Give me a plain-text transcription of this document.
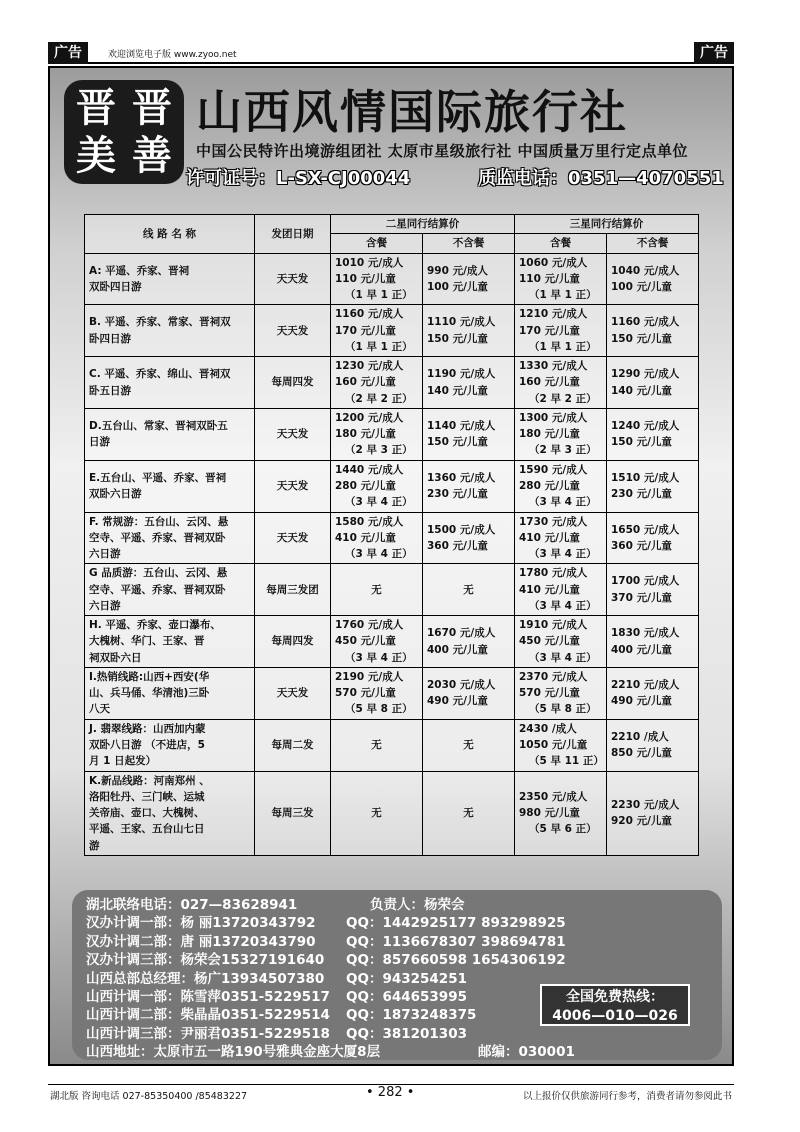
广告	欢迎浏览电子版 www.zyoo.net	广告
晋 晋
美 善
山西风情国际旅行社
中国公民特许出境游组团社 太原市星级旅行社 中国质量万里行定点单位
许可证号：L-SX-CJ00044	质监电话：0351—4070551
线 路 名 称	发团日期	二星同行结算价		三星同行结算价	
		含餐	不含餐	含餐	不含餐
A: 平遥、乔家、晋祠
双卧四日游	天天发	1010 元/成人
110 元/儿童
（1 早 1 正）	990 元/成人
100 元/儿童	1060 元/成人
110 元/儿童
（1 早 1 正）	1040 元/成人
100 元/儿童

B. 平遥、乔家、常家、晋祠双
卧四日游	天天发	1160 元/成人
170 元/儿童
（1 早 1 正）	1110 元/成人
150 元/儿童	1210 元/成人
170 元/儿童
（1 早 1 正）	1160 元/成人
150 元/儿童

C. 平遥、乔家、绵山、晋祠双
卧五日游	每周四发	1230 元/成人
160 元/儿童
（2 早 2 正）	1190 元/成人
140 元/儿童	1330 元/成人
160 元/儿童
（2 早 2 正）	1290 元/成人
140 元/儿童

D.五台山、常家、晋祠双卧五
日游	天天发	1200 元/成人
180 元/儿童
（2 早 3 正）	1140 元/成人
150 元/儿童	1300 元/成人
180 元/儿童
（2 早 3 正）	1240 元/成人
150 元/儿童

E.五台山、平遥、乔家、晋祠
双卧六日游	天天发	1440 元/成人
280 元/儿童
（3 早 4 正）	1360 元/成人
230 元/儿童	1590 元/成人
280 元/儿童
（3 早 4 正）	1510 元/成人
230 元/儿童

F. 常规游：五台山、云冈、悬
空寺、平遥、乔家、晋祠双卧
六日游	天天发	1580 元/成人
410 元/儿童
（3 早 4 正）	1500 元/成人
360 元/儿童	1730 元/成人
410 元/儿童
（3 早 4 正）	1650 元/成人
360 元/儿童

G 品质游：五台山、云冈、悬
空寺、平遥、乔家、晋祠双卧
六日游	每周三发团	无	无	1780 元/成人
410 元/儿童
（3 早 4 正）	1700 元/成人
370 元/儿童

H. 平遥、乔家、壶口瀑布、
大槐树、华门、王家、晋
祠双卧六日	每周四发	1760 元/成人
450 元/儿童
（3 早 4 正）	1670 元/成人
400 元/儿童	1910 元/成人
450 元/儿童
（3 早 4 正）	1830 元/成人
400 元/儿童

I.热销线路:山西+西安(华
山、兵马俑、华清池)三卧
八天	天天发	2190 元/成人
570 元/儿童
（5 早 8 正）	2030 元/成人
490 元/儿童	2370 元/成人
570 元/儿童
（5 早 8 正）	2210 元/成人
490 元/儿童

J. 翡翠线路：山西加内蒙
双卧八日游 （不进店，5
月 1 日起发）	每周二发	无	无	2430 /成人
1050 元/儿童
（5 早 11 正）	2210 /成人
850 元/儿童

K.新品线路：河南郑州 、
洛阳牡丹、三门峡、运城
关帝庙、壶口、大槐树、
平遥、王家、五台山七日
游	每周三发	无	无	2350 元/成人
980 元/儿童
（5 早 6 正）	2230 元/成人
920 元/儿童
湖北联络电话：027—83628941	负责人：杨荣会
汉办计调一部：杨 丽13720343792	QQ：1442925177 893298925
汉办计调二部：唐 丽13720343790	QQ：1136678307 398694781
汉办计调三部：杨荣会15327191640	QQ：857660598 1654306192
山西总部总经理：杨广13934507380	QQ：943254251
山西计调一部：陈雪萍0351-5229517	QQ：644653995
山西计调二部：柴晶晶0351-5229514	QQ：1873248375
山西计调三部：尹丽君0351-5229518	QQ：381201303
山西地址：太原市五一路190号雅典金座大厦8层	邮编：030001
全国免费热线：
4006—010—026
湖北版 咨询电话 027-85350400 /85483227	• 282 •	以上报价仅供旅游同行参考，消费者请勿参阅此书
